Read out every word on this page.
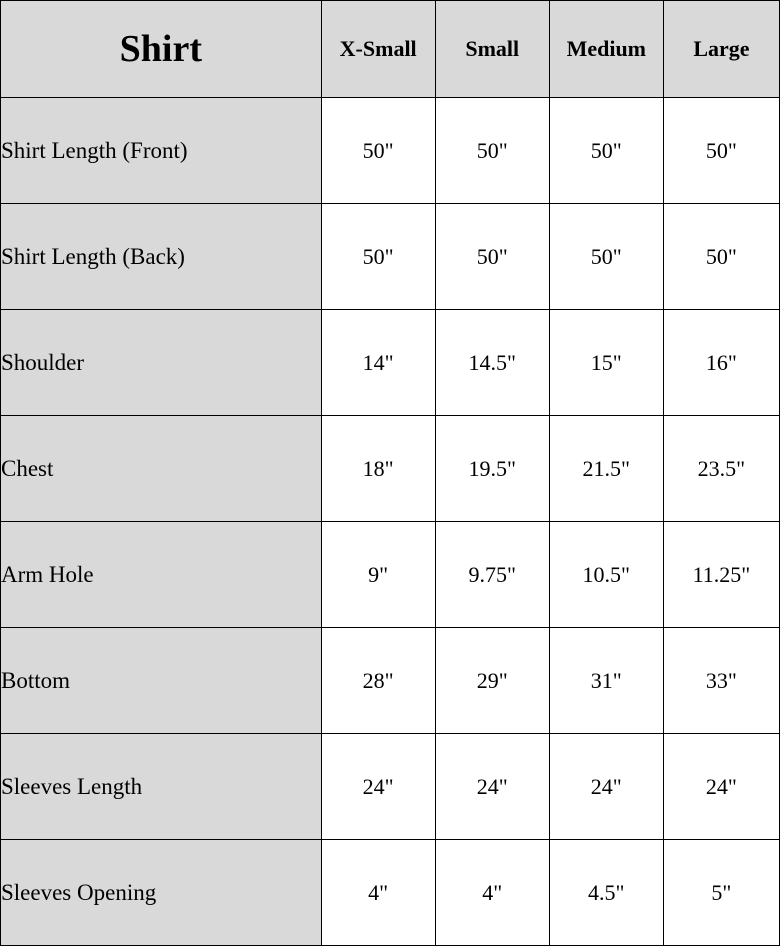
Shirt	X-Small	Small	Medium	Large
Shirt Length (Front)	50"	50"	50"	50"
Shirt Length (Back)	50"	50"	50"	50"
Shoulder	14"	14.5"	15"	16"
Chest	18"	19.5"	21.5"	23.5"
Arm Hole	9"	9.75"	10.5"	11.25"
Bottom	28"	29"	31"	33"
Sleeves Length	24"	24"	24"	24"
Sleeves Opening	4"	4"	4.5"	5"
